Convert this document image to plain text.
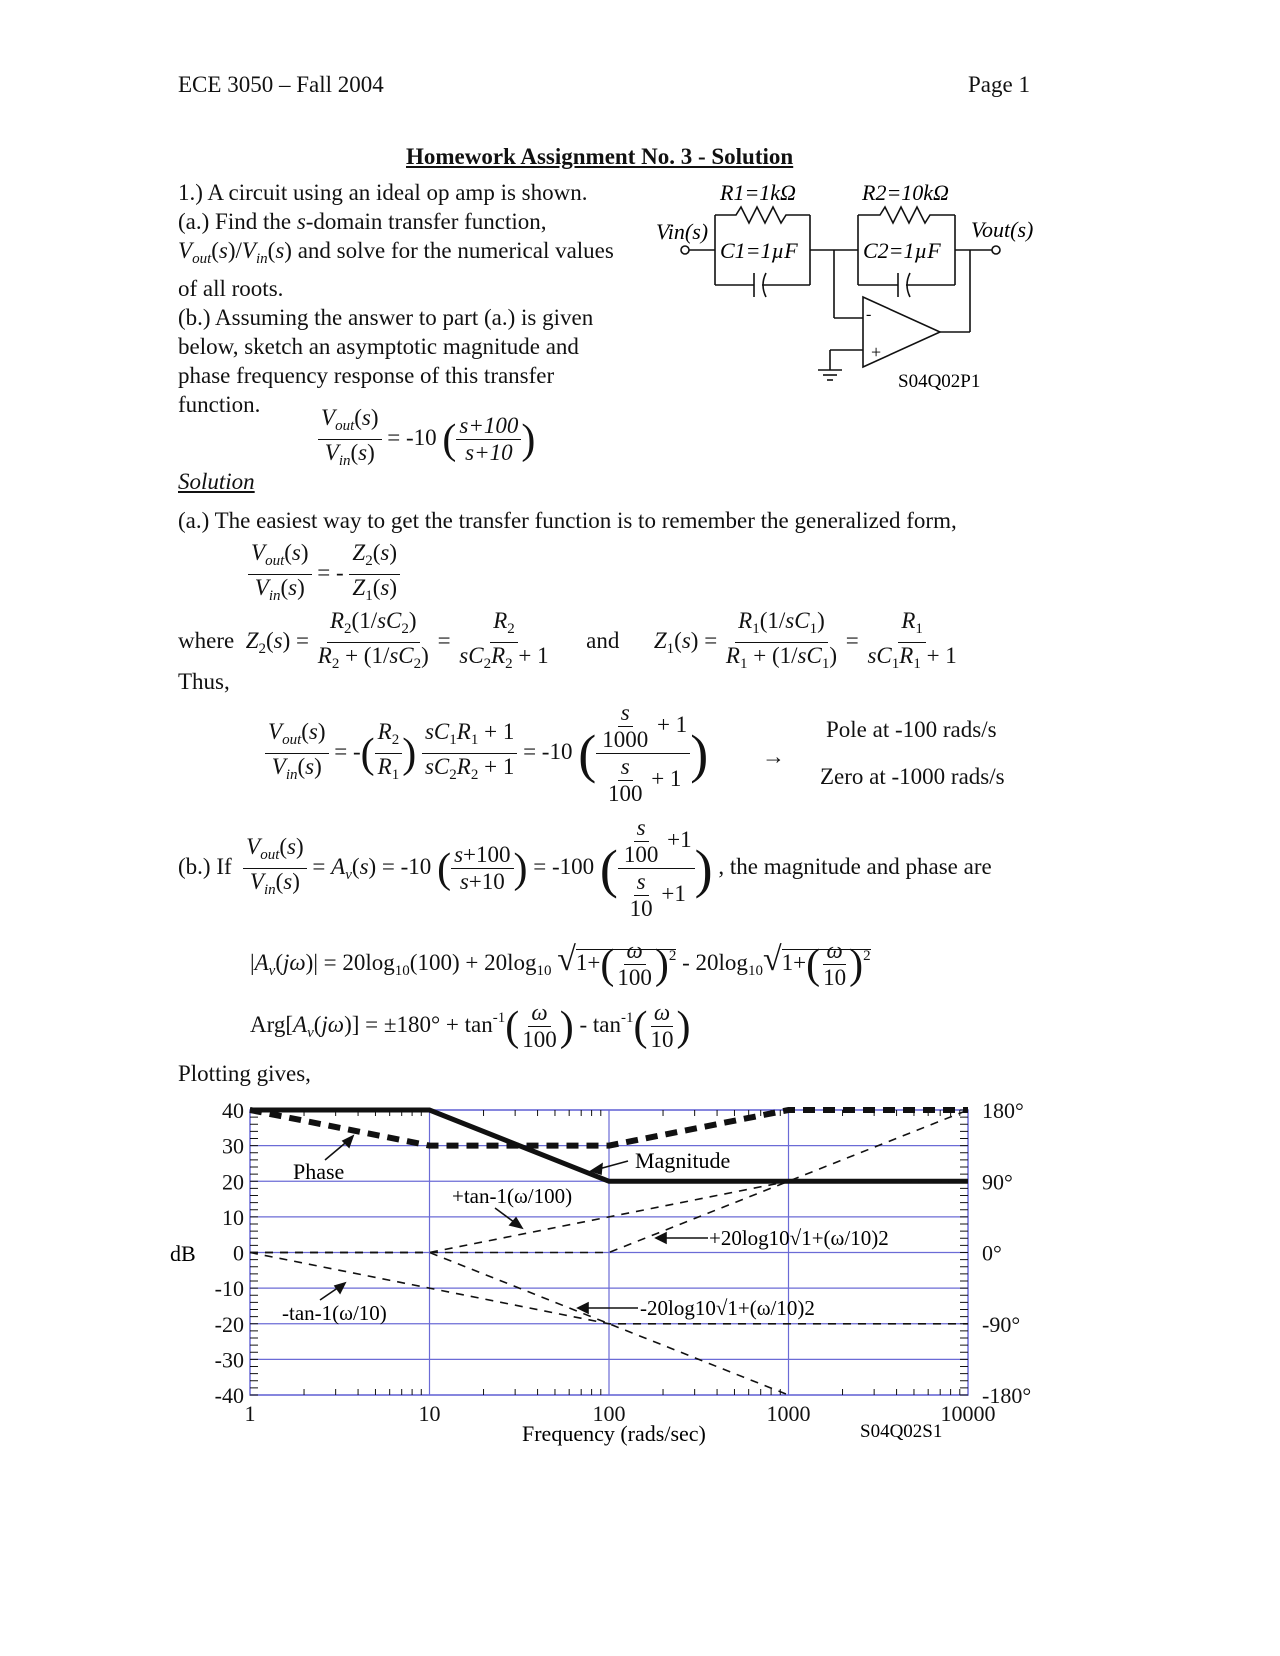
ECE 3050 – Fall 2004	Page 1
Homework Assignment No. 3 - Solution
1.) A circuit using an ideal op amp is shown.
(a.) Find the s-domain transfer function,
$V_{out}(s)/V_{in}(s)$ and solve for the numerical values
of all roots.
(b.) Assuming the answer to part (a.) is given
below, sketch an asymptotic magnitude and
phase frequency response of this transfer
function.
-
+
R1=1kΩ	R2=10kΩ
C1=1µF	C2=1µF
Vin(s)	Vout(s)
S04Q02P1
$\frac{V_{out}(s)}{V_{in}(s)} = -10$ ( $\frac{s+100}{s+10}$ )
Solution
(a.) The easiest way to get the transfer function is to remember the generalized form,
$\frac{V_{out}(s)}{V_{in}(s)}$ = - $\frac{Z_2(s)}{Z_1(s)}$
where $Z_2(s) = \frac{R_2(1/sC_2)}{R_2 + (1/sC_2)} = \frac{R_2}{sC_2R_2 + 1}$ and $Z_1(s) = \frac{R_1(1/sC_1)}{R_1 + (1/sC_1)} = \frac{R_1}{sC_1R_1 + 1}$
Thus,
$\frac{V_{out}(s)}{V_{in}(s)}$ = - ( $\frac{R_2}{R_1}$ )
$\frac{sC_1R_1 + 1}{sC_2R_2 + 1} = -10$ ( $\frac{\frac{s}{1000} + 1}{\frac{s}{100} + 1}$ ) →
Pole at -100 rads/s
Zero at -1000 rads/s
(b.) If $\frac{V_{out}(s)}{V_{in}(s)} = A_v(s) = -10$ ( $\frac{s+100}{s+10}$ ) = -100 ( $\frac{\frac{s}{100} +1}{\frac{s}{10} +1}$ ) , the magnitude and phase are
$|A_v(j\omega)| = 20\log_{10}(100) + 20\log_{10}$ √1+ ( $\frac{\omega}{100}$ ) $^2 - 20\log_{10}√1+$ ( $\frac{\omega}{10}$ ) $^2$
$Arg[A_v(j\omega)] = \pm 180^\circ + \tan^{-1}$ ( $\frac{\omega}{100}$ ) - $\tan^{-1}$ ( $\frac{\omega}{10}$ )
Plotting gives,
40
30
20
10
0
-10
-20
-30
-40
180°
90°
0°
-90°
-180°
1	10	100	1000	10000
Magnitude
Phase
+tan-1(ω/100)
-tan-1(ω/10)
+20log10√1+(ω/10)2
-20log10√1+(ω/10)2
dB
Frequency (rads/sec)	S04Q02S1
